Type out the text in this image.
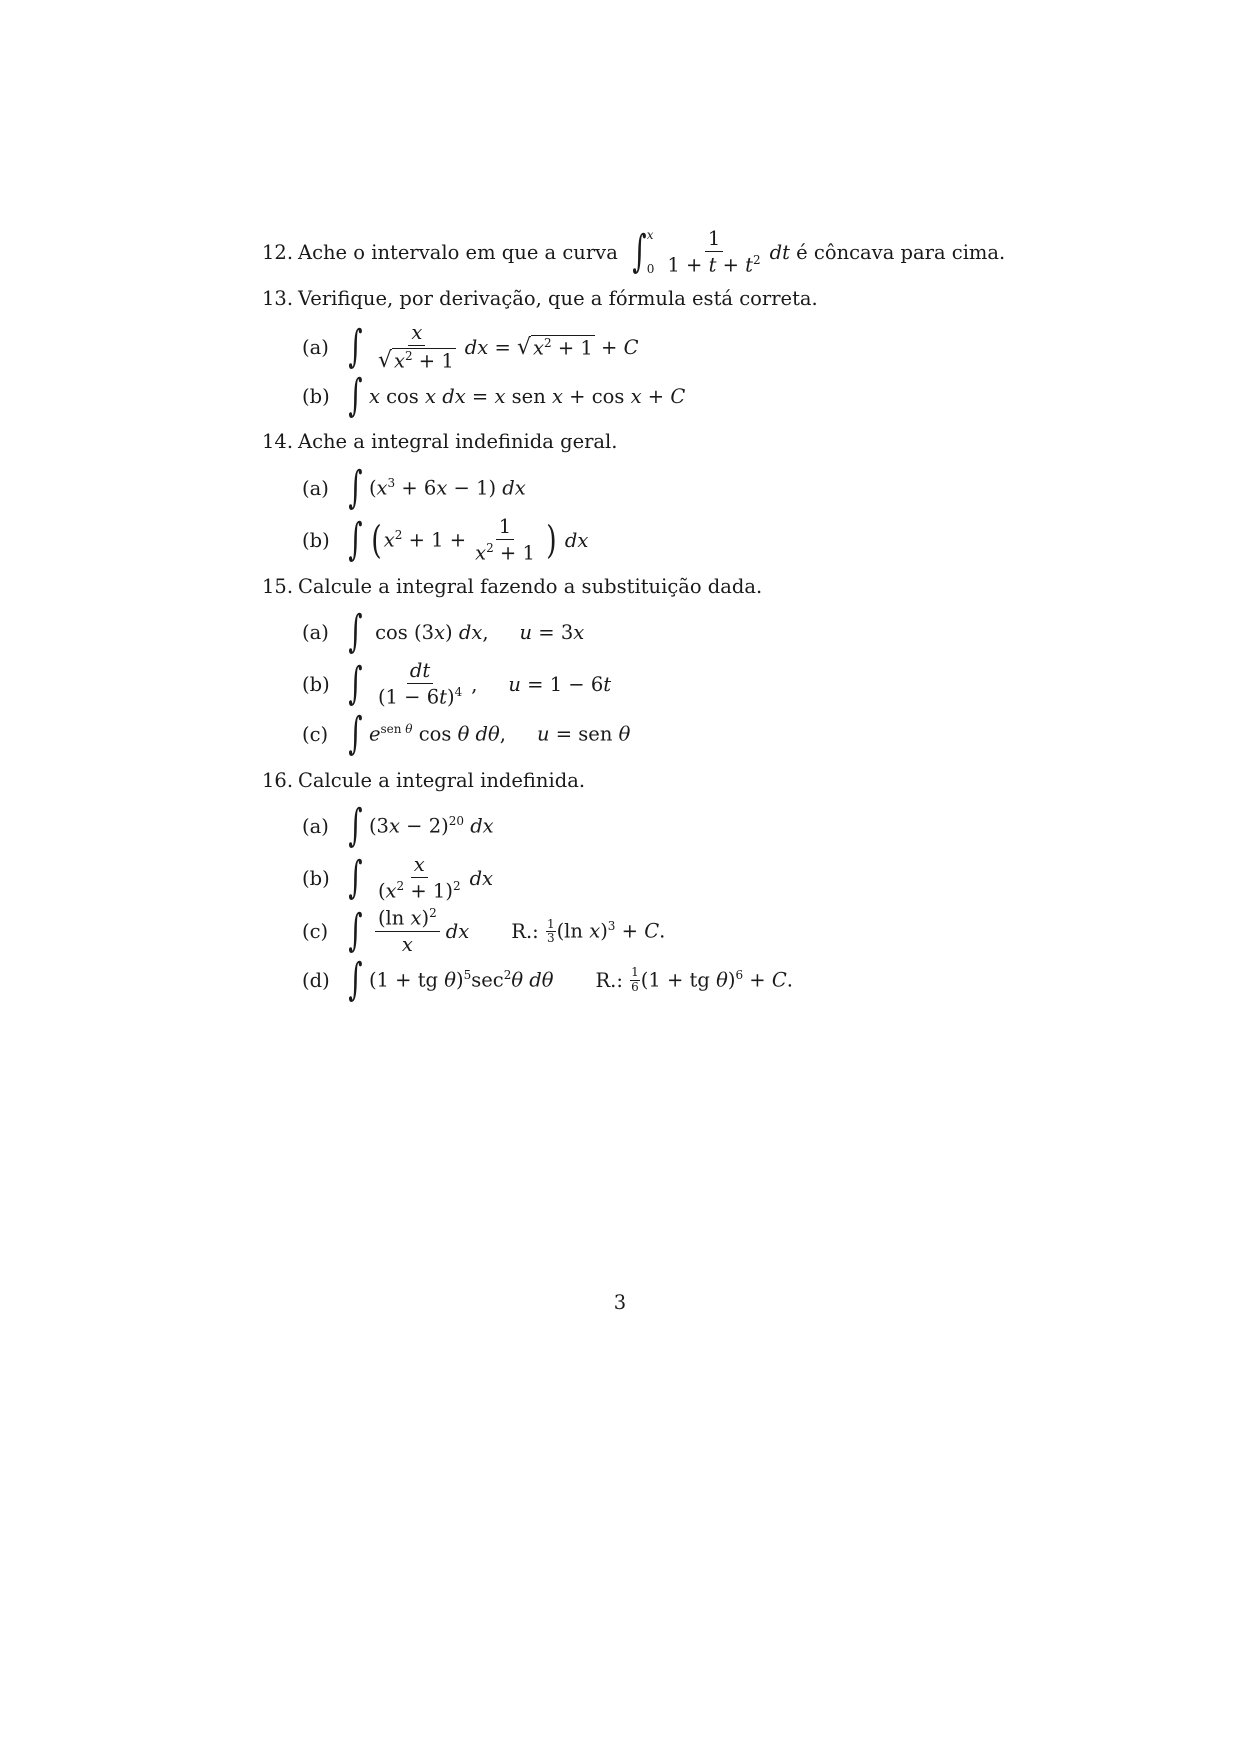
12. Ache o intervalo em que a curva ∫ x
$0 \frac{1}{1 + t + t^2}$ dt
é côncava para cima.
13. Verifique, por derivação, que a fórmula está correta.
(a) ∫ $\frac{x}{√ x^2 + 1}$ dx = √ $x^2 + 1 + C$
(b) ∫ x cos x dx = x sen x + cos x + C
14. Ache a integral indefinida geral.
(a) ∫ $(x^3 + 6x - 1)$ dx
(b) ∫ ( $x^2 + 1 + \frac{1}{x^2 + 1}$ )
dx
15. Calcule a integral fazendo a substituição dada.
(a) ∫ cos (3x) dx,     u = 3x
(b) ∫ $\frac{dt}{(1 - 6t)^4}$ ,     u = 1 − 6t
(c) ∫ $e^{sen \theta}$ cos θ dθ,     u = sen θ
16. Calcule a integral indefinida.
(a) ∫ $(3x - 2)^{20}$ dx
(b) ∫ $\frac{x}{(x^2 + 1)^2}$ dx
(c) ∫ $\frac{(\ln x)^2}{x}$ dx R.:
1
3 (ln x)$^3$ + C.
(d) ∫ (1 + tg $\theta)^5\sec^2\theta$ dθ R.:
1
6 (1 + tg θ)$^6$ + C.
3
